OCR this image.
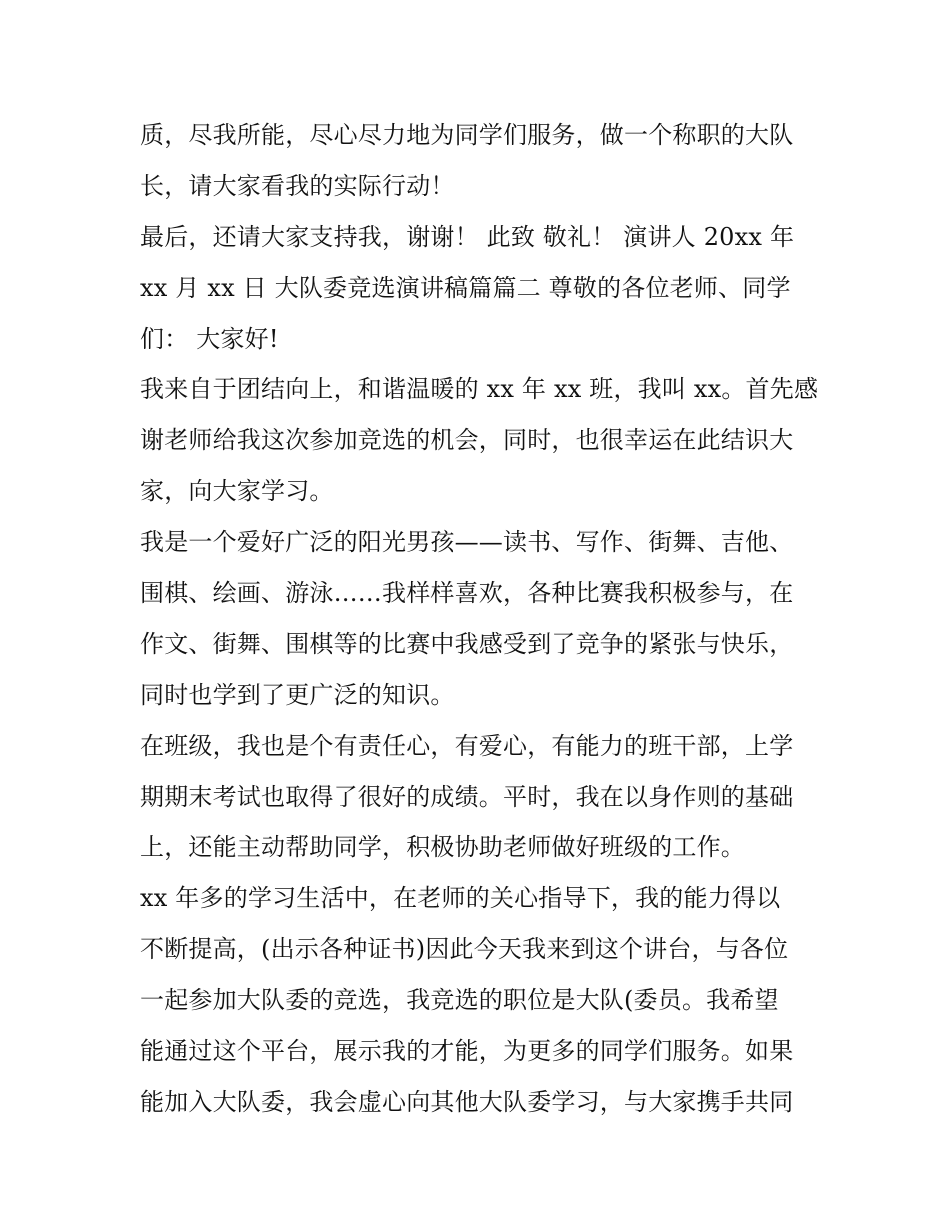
质，尽我所能，尽心尽力地为同学们服务，做一个称职的大队
长，请大家看我的实际行动！
最后，还请大家支持我，谢谢！ 此致 敬礼！ 演讲人 20xx 年
xx 月 xx 日 大队委竞选演讲稿篇篇二 尊敬的各位老师、同学
们： 大家好!
我来自于团结向上，和谐温暖的 xx 年 xx 班，我叫 xx。首先感
谢老师给我这次参加竞选的机会，同时，也很幸运在此结识大
家，向大家学习。
我是一个爱好广泛的阳光男孩——读书、写作、街舞、吉他、
围棋、绘画、游泳……我样样喜欢，各种比赛我积极参与，在
作文、街舞、围棋等的比赛中我感受到了竞争的紧张与快乐，
同时也学到了更广泛的知识。
在班级，我也是个有责任心，有爱心，有能力的班干部，上学
期期末考试也取得了很好的成绩。平时，我在以身作则的基础
上，还能主动帮助同学，积极协助老师做好班级的工作。
xx 年多的学习生活中，在老师的关心指导下，我的能力得以
不断提高，(出示各种证书)因此今天我来到这个讲台，与各位
一起参加大队委的竞选，我竞选的职位是大队(委员。我希望
能通过这个平台，展示我的才能，为更多的同学们服务。如果
能加入大队委，我会虚心向其他大队委学习，与大家携手共同
